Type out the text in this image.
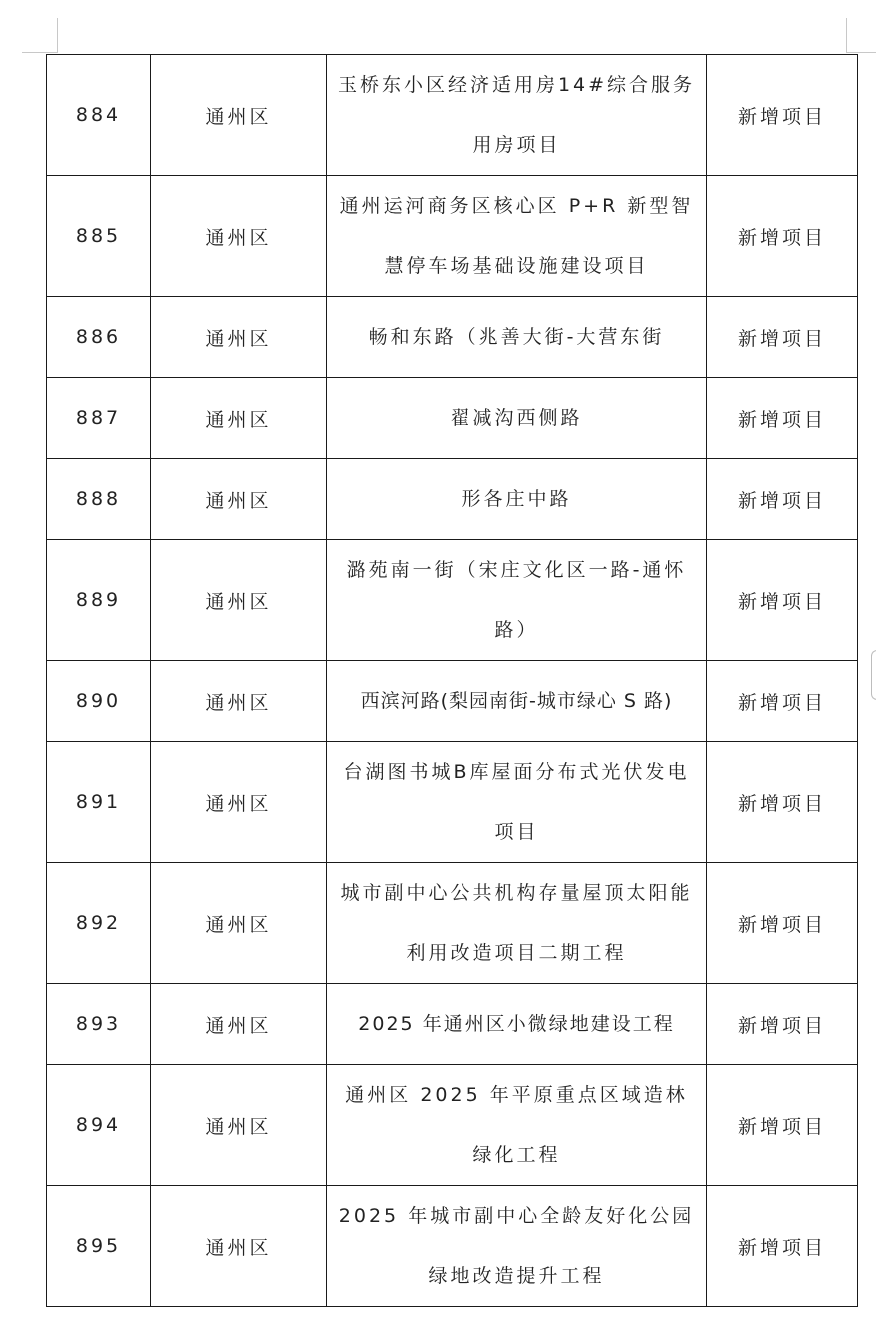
884	通州区	玉桥东小区经济适用房14#综合服务用房项目	新增项目
885	通州区	通州运河商务区核心区 P+R 新型智慧停车场基础设施建设项目	新增项目
886	通州区	畅和东路（兆善大街-大营东街	新增项目
887	通州区	翟减沟西侧路	新增项目
888	通州区	形各庄中路	新增项目
889	通州区	潞苑南一街（宋庄文化区一路-通怀路）	新增项目
890	通州区	西滨河路(梨园南街-城市绿心 S 路)	新增项目
891	通州区	台湖图书城B库屋面分布式光伏发电项目	新增项目
892	通州区	城市副中心公共机构存量屋顶太阳能利用改造项目二期工程	新增项目
893	通州区	2025 年通州区小微绿地建设工程	新增项目
894	通州区	通州区 2025 年平原重点区域造林绿化工程	新增项目
895	通州区	2025 年城市副中心全龄友好化公园绿地改造提升工程	新增项目
